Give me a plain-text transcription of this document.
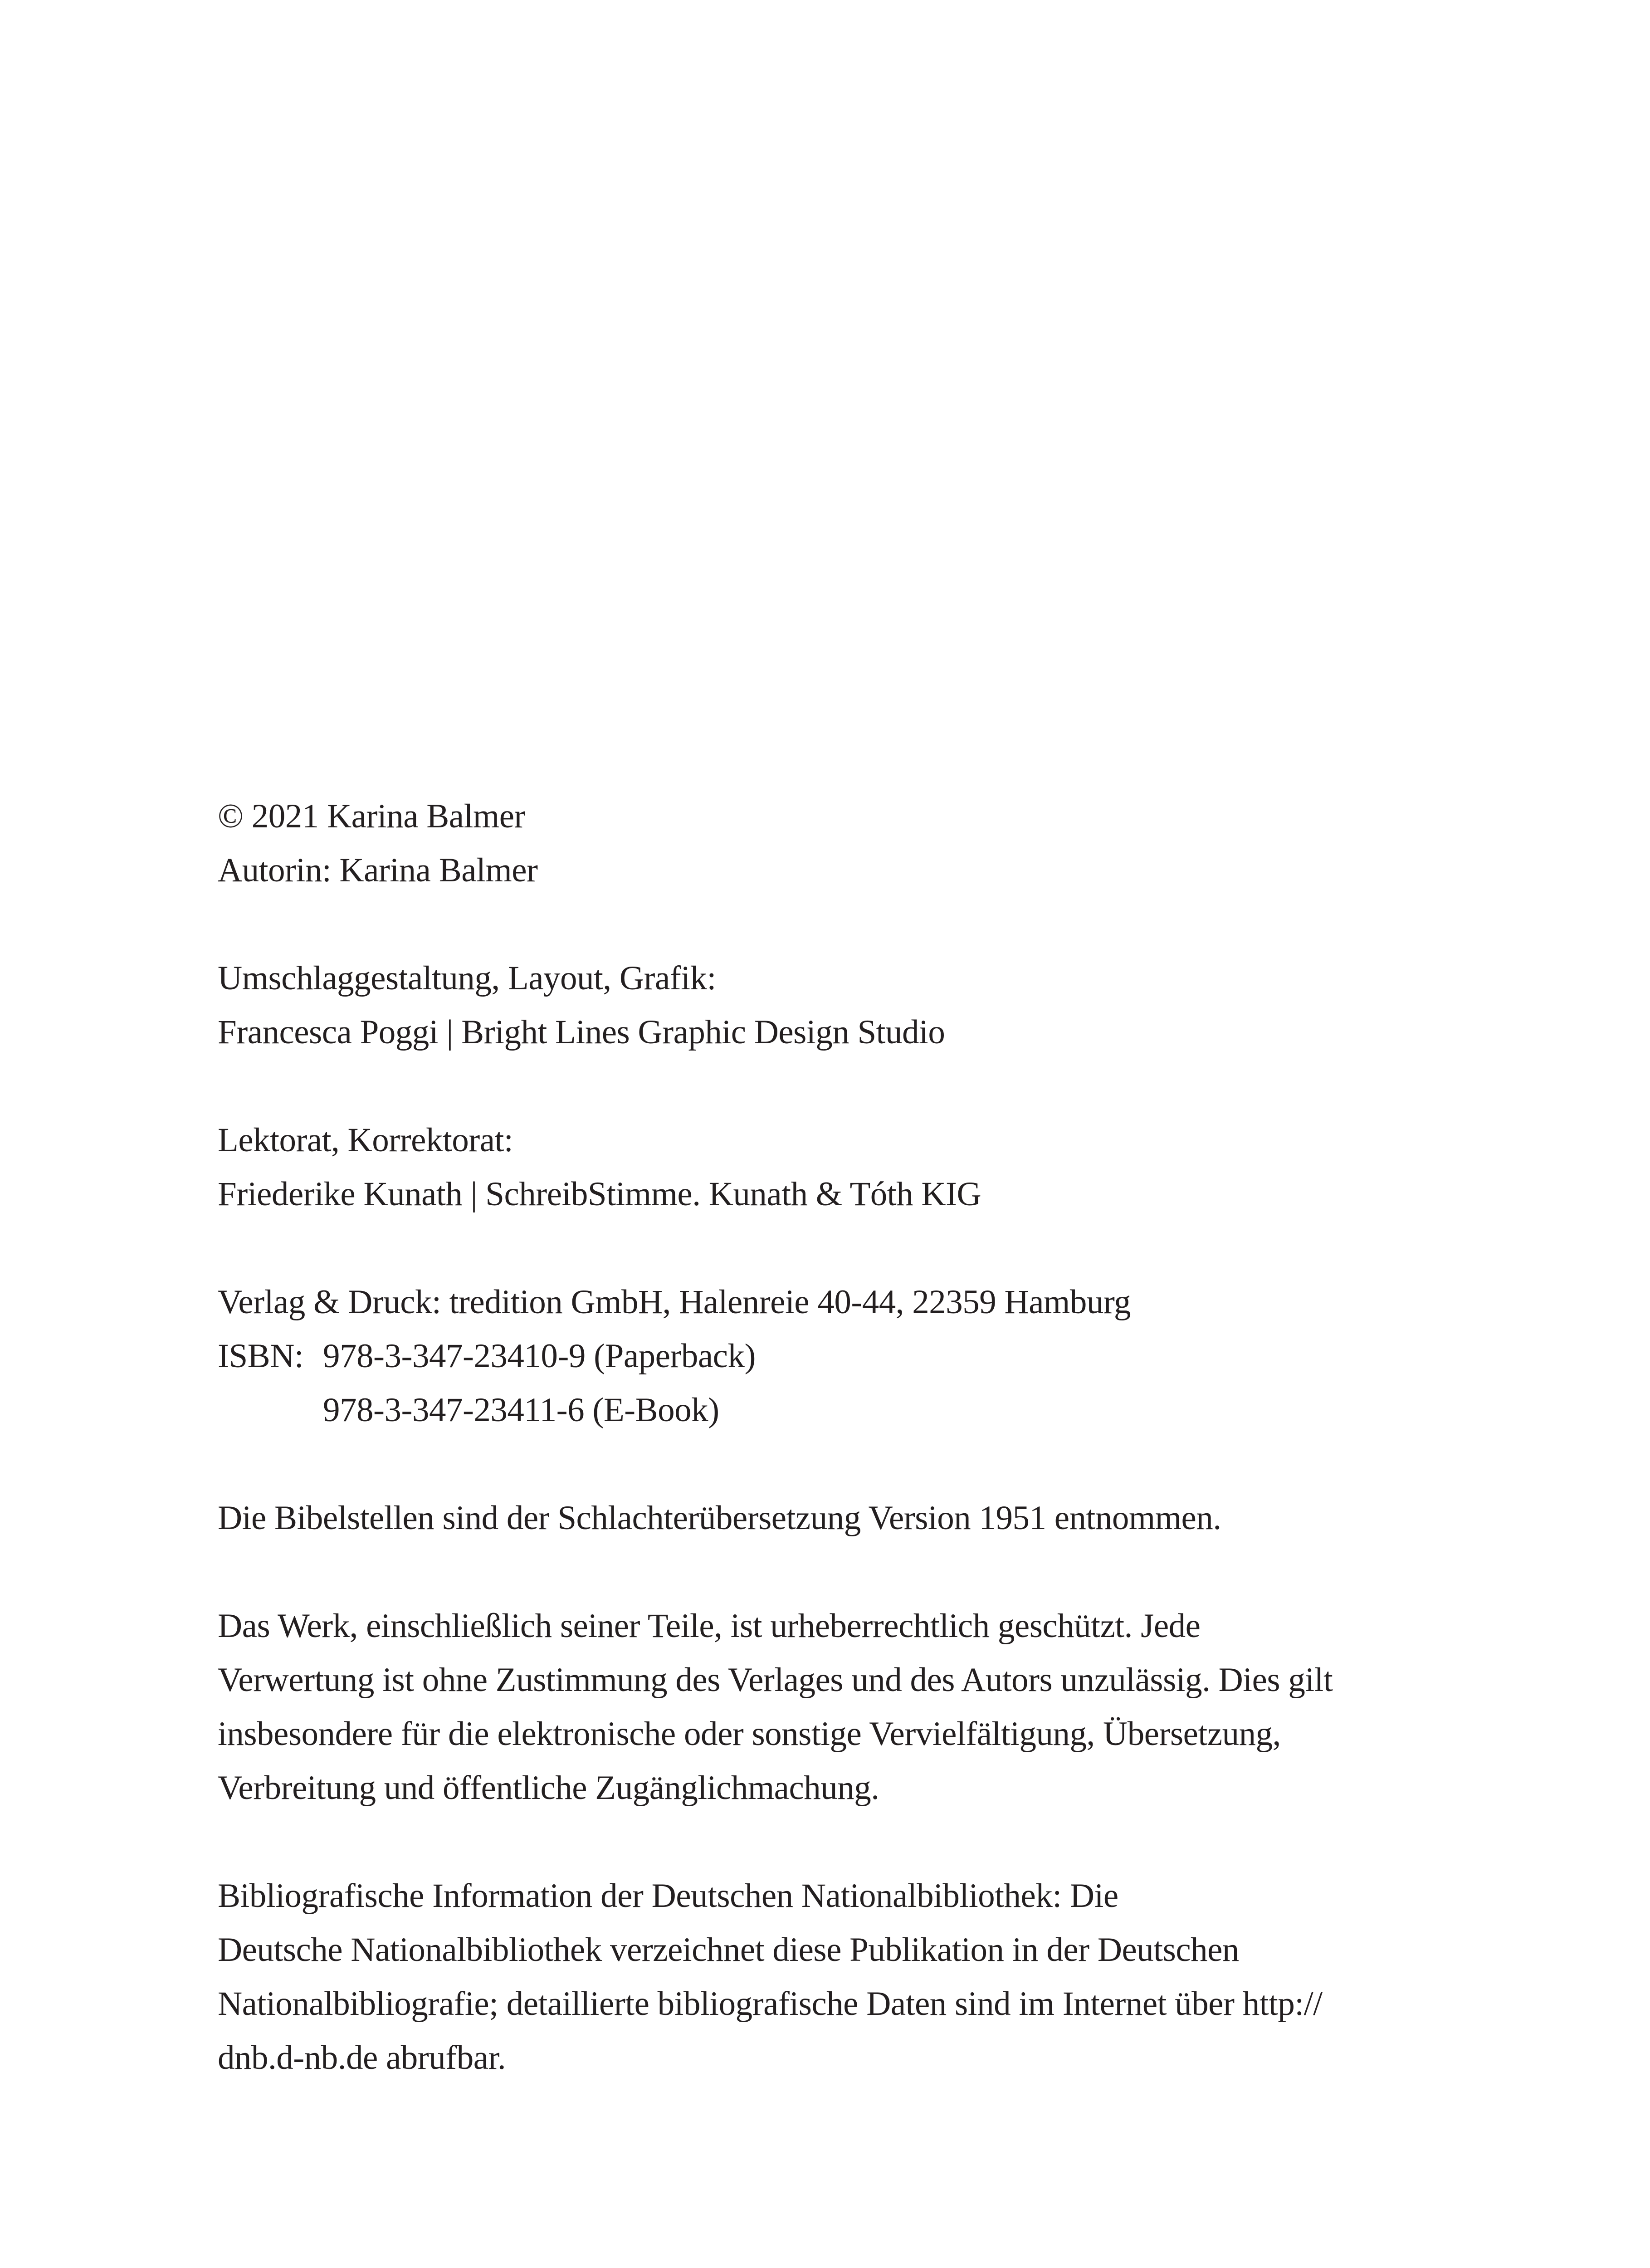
© 2021 Karina Balmer
Autorin: Karina Balmer
Umschlaggestaltung, Layout, Grafik:
Francesca Poggi | Bright Lines Graphic Design Studio
Lektorat, Korrektorat:
Friederike Kunath | SchreibStimme. Kunath & Tóth KIG
Verlag & Druck: tredition GmbH, Halenreie 40-44, 22359 Hamburg
ISBN: 978-3-347-23410-9 (Paperback)
978-3-347-23411-6 (E-Book)
Die Bibelstellen sind der Schlachterübersetzung Version 1951 entnommen.
Das Werk, einschließlich seiner Teile, ist urheberrechtlich geschützt. Jede
Verwertung ist ohne Zustimmung des Verlages und des Autors unzulässig. Dies gilt
insbesondere für die elektronische oder sonstige Vervielfältigung, Übersetzung,
Verbreitung und öffentliche Zugänglichmachung.
Bibliografische Information der Deutschen Nationalbibliothek: Die
Deutsche Nationalbibliothek verzeichnet diese Publikation in der Deutschen
Nationalbibliografie; detaillierte bibliografische Daten sind im Internet über http://
dnb.d-nb.de abrufbar.
